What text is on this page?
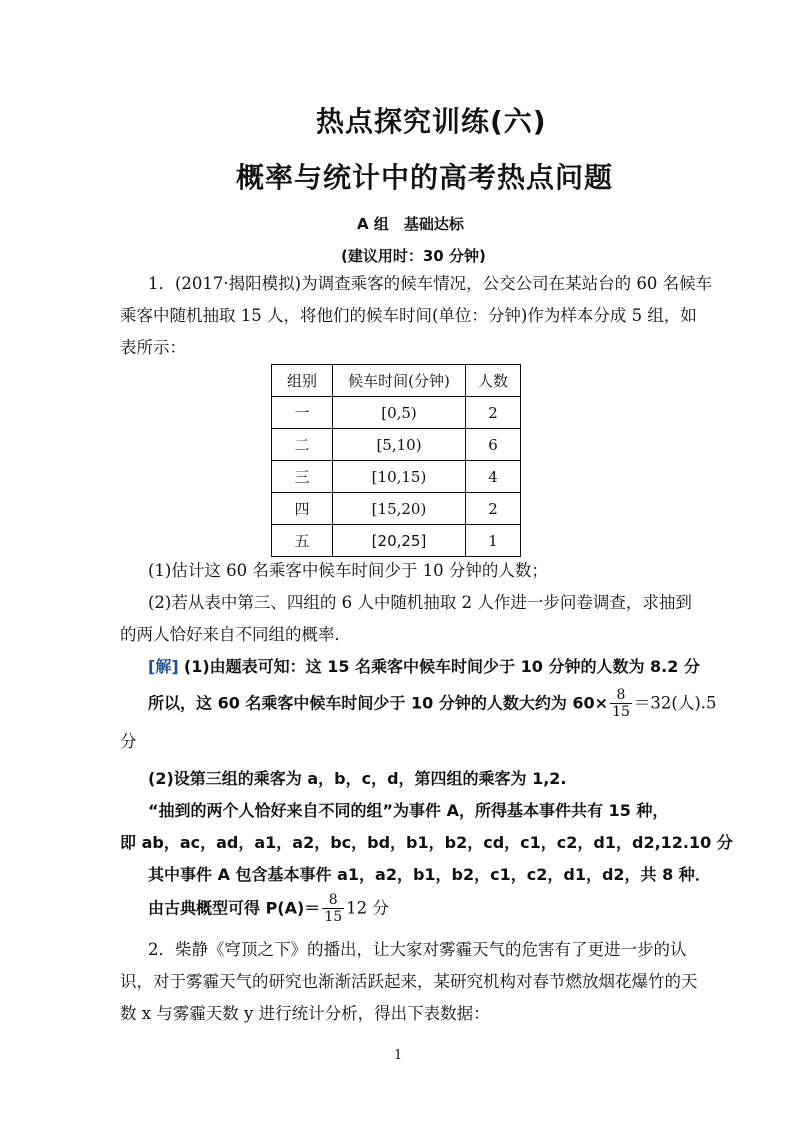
热点探究训练(六)
概率与统计中的高考热点问题
A 组　基础达标
(建议用时：30 分钟)
1．(2017·揭阳模拟)为调查乘客的候车情况，公交公司在某站台的 60 名候车
乘客中随机抽取 15 人，将他们的候车时间(单位：分钟)作为样本分成 5 组，如
表所示：
组别	候车时间(分钟)	人数
一	[0,5)	2
二	[5,10)	6
三	[10,15)	4
四	[15,20)	2
五	[20,25]	1
(1)估计这 60 名乘客中候车时间少于 10 分钟的人数；
(2)若从表中第三、四组的 6 人中随机抽取 2 人作进一步问卷调查，求抽到
的两人恰好来自不同组的概率．
[解] (1)由题表可知：这 15 名乘客中候车时间少于 10 分钟的人数为 8.2 分
所以，这 60 名乘客中候车时间少于 10 分钟的人数大约为 $60\times \frac{8}{15} =32$(人).5
分
(2)设第三组的乘客为 a，b，c，d，第四组的乘客为 1,2.
“抽到的两个人恰好来自不同的组”为事件 A，所得基本事件共有 15 种，
即 ab，ac，ad，a1，a2，bc，bd，b1，b2，cd，c1，c2，d1，d2,12.10 分
其中事件 A 包含基本事件 a1，a2，b1，b2，c1，c2，d1，d2，共 8 种．
由古典概型可得 $P(A)= \frac{8}{15} 12$ 分
2．柴静《穹顶之下》的播出，让大家对雾霾天气的危害有了更进一步的认
识，对于雾霾天气的研究也渐渐活跃起来，某研究机构对春节燃放烟花爆竹的天
数 x 与雾霾天数 y 进行统计分析，得出下表数据：
1
